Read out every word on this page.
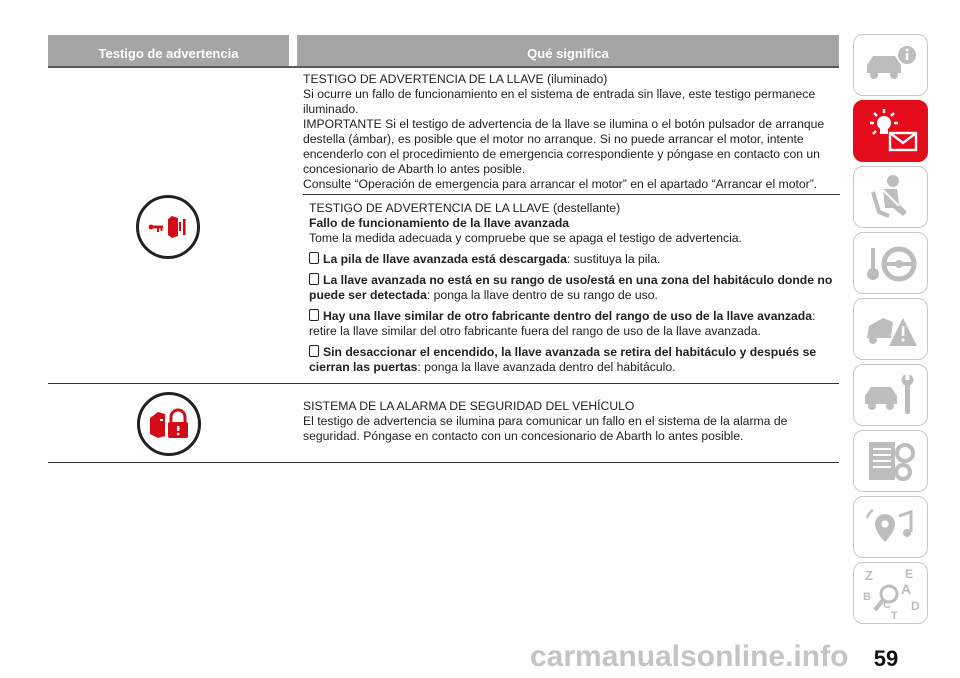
Testigo de advertencia	Qué significa
TESTIGO DE ADVERTENCIA DE LA LLAVE (iluminado)
Si ocurre un fallo de funcionamiento en el sistema de entrada sin llave, este testigo permanece iluminado.
IMPORTANTE Si el testigo de advertencia de la llave se ilumina o el botón pulsador de arranque destella (ámbar), es posible que el motor no arranque. Si no puede arrancar el motor, intente encenderlo con el procedimiento de emergencia correspondiente y póngase en contacto con un concesionario de Abarth lo antes posible.
Consulte “Operación de emergencia para arrancar el motor” en el apartado “Arrancar el motor”.
TESTIGO DE ADVERTENCIA DE LA LLAVE (destellante)
Fallo de funcionamiento de la llave avanzada
Tome la medida adecuada y compruebe que se apaga el testigo de advertencia.
La pila de llave avanzada está descargada: sustituya la pila.
La llave avanzada no está en su rango de uso/está en una zona del habitáculo donde no puede ser detectada: ponga la llave dentro de su rango de uso.
Hay una llave similar de otro fabricante dentro del rango de uso de la llave avanzada: retire la llave similar del otro fabricante fuera del rango de uso de la llave avanzada.
Sin desaccionar el encendido, la llave avanzada se retira del habitáculo y después se cierran las puertas: ponga la llave avanzada dentro del habitáculo.
SISTEMA DE LA ALARMA DE SEGURIDAD DEL VEHÍCULO
El testigo de advertencia se ilumina para comunicar un fallo en el sistema de la alarma de seguridad. Póngase en contacto con un concesionario de Abarth lo antes posible.
Z	E
A
B
C D
T
59
carmanualsonline.info
